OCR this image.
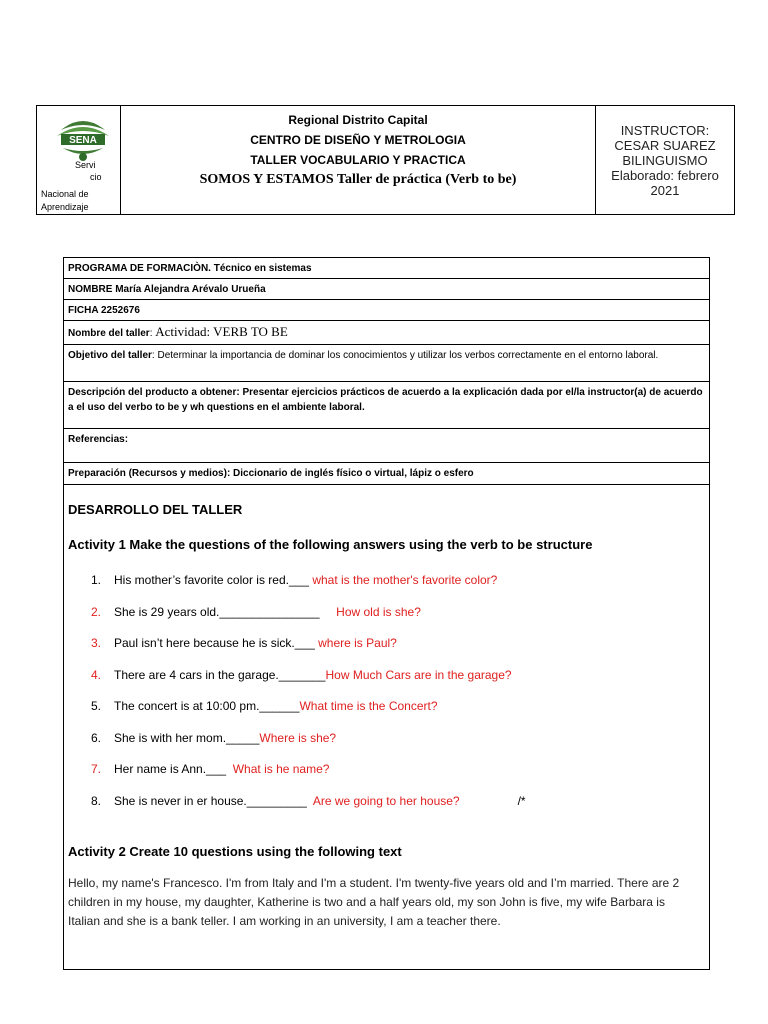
SENA
Servi
cio
Nacional de
Aprendizaje
Regional Distrito Capital
CENTRO DE DISEÑO Y METROLOGIA
TALLER VOCABULARIO Y PRACTICA
SOMOS Y ESTAMOS Taller de práctica (Verb to be)
INSTRUCTOR:
CESAR SUAREZ
BILINGUISMO
Elaborado: febrero
2021
PROGRAMA DE FORMACIÒN. Técnico en sistemas
NOMBRE María Alejandra Arévalo Urueña
FICHA 2252676
Nombre del taller: Actividad: VERB TO BE
Objetivo del taller: Determinar la importancia de dominar los conocimientos y utilizar los verbos correctamente en el entorno laboral.
Descripción del producto a obtener: Presentar ejercicios prácticos de acuerdo a la explicación dada por el/la instructor(a) de acuerdo a el uso del verbo to be y wh questions en el ambiente laboral.
Referencias:
Preparación (Recursos y medios): Diccionario de inglés físico o virtual, lápiz o esfero
DESARROLLO DEL TALLER
Activity 1 Make the questions of the following answers using the verb to be structure
1. His mother’s favorite color is red.___ what is the mother's favorite color?
2. She is 29 years old._______________     How old is she?
3. Paul isn’t here because he is sick.___ where is Paul?
4. There are 4 cars in the garage._______How Much Cars are in the garage?
5. The concert is at 10:00 pm.______What time is the Concert?
6. She is with her mom._____Where is she?
7. Her name is Ann.___  What is he name?
8. She is never in er house._________  Are we going to her house?	/*
Activity 2 Create 10 questions using the following text
Hello, my name's Francesco. I'm from Italy and I'm a student. I'm twenty-five years old and I’m married. There are 2 children in my house, my daughter, Katherine is two and a half years old, my son John is five, my wife Barbara is Italian and she is a bank teller. I am working in an university, I am a teacher there.
